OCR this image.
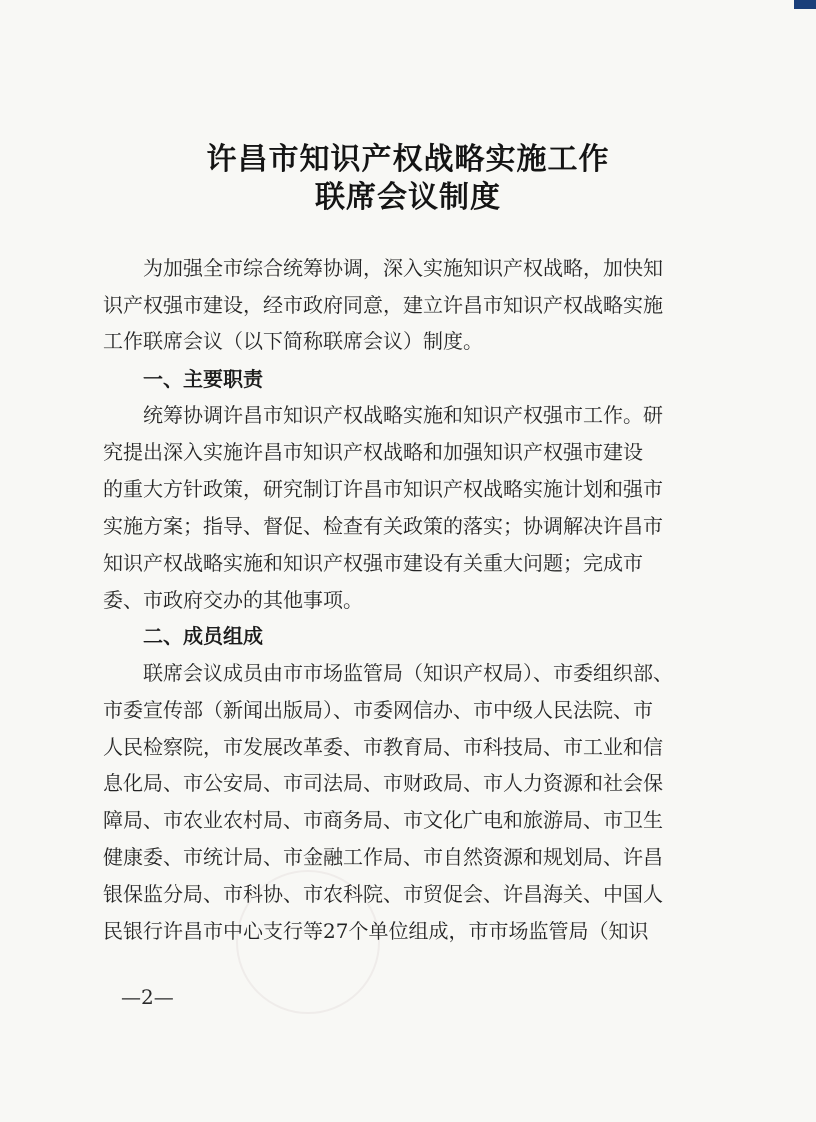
许昌市知识产权战略实施工作
联席会议制度
为加强全市综合统筹协调，深入实施知识产权战略，加快知
识产权强市建设，经市政府同意，建立许昌市知识产权战略实施
工作联席会议（以下简称联席会议）制度。
一、主要职责
统筹协调许昌市知识产权战略实施和知识产权强市工作。研
究提出深入实施许昌市知识产权战略和加强知识产权强市建设
的重大方针政策，研究制订许昌市知识产权战略实施计划和强市
实施方案；指导、督促、检查有关政策的落实；协调解决许昌市
知识产权战略实施和知识产权强市建设有关重大问题；完成市
委、市政府交办的其他事项。
二、成员组成
联席会议成员由市市场监管局（知识产权局）、市委组织部、
市委宣传部（新闻出版局）、市委网信办、市中级人民法院、市
人民检察院，市发展改革委、市教育局、市科技局、市工业和信
息化局、市公安局、市司法局、市财政局、市人力资源和社会保
障局、市农业农村局、市商务局、市文化广电和旅游局、市卫生
健康委、市统计局、市金融工作局、市自然资源和规划局、许昌
银保监分局、市科协、市农科院、市贸促会、许昌海关、中国人
民银行许昌市中心支行等27个单位组成，市市场监管局（知识
—2—
